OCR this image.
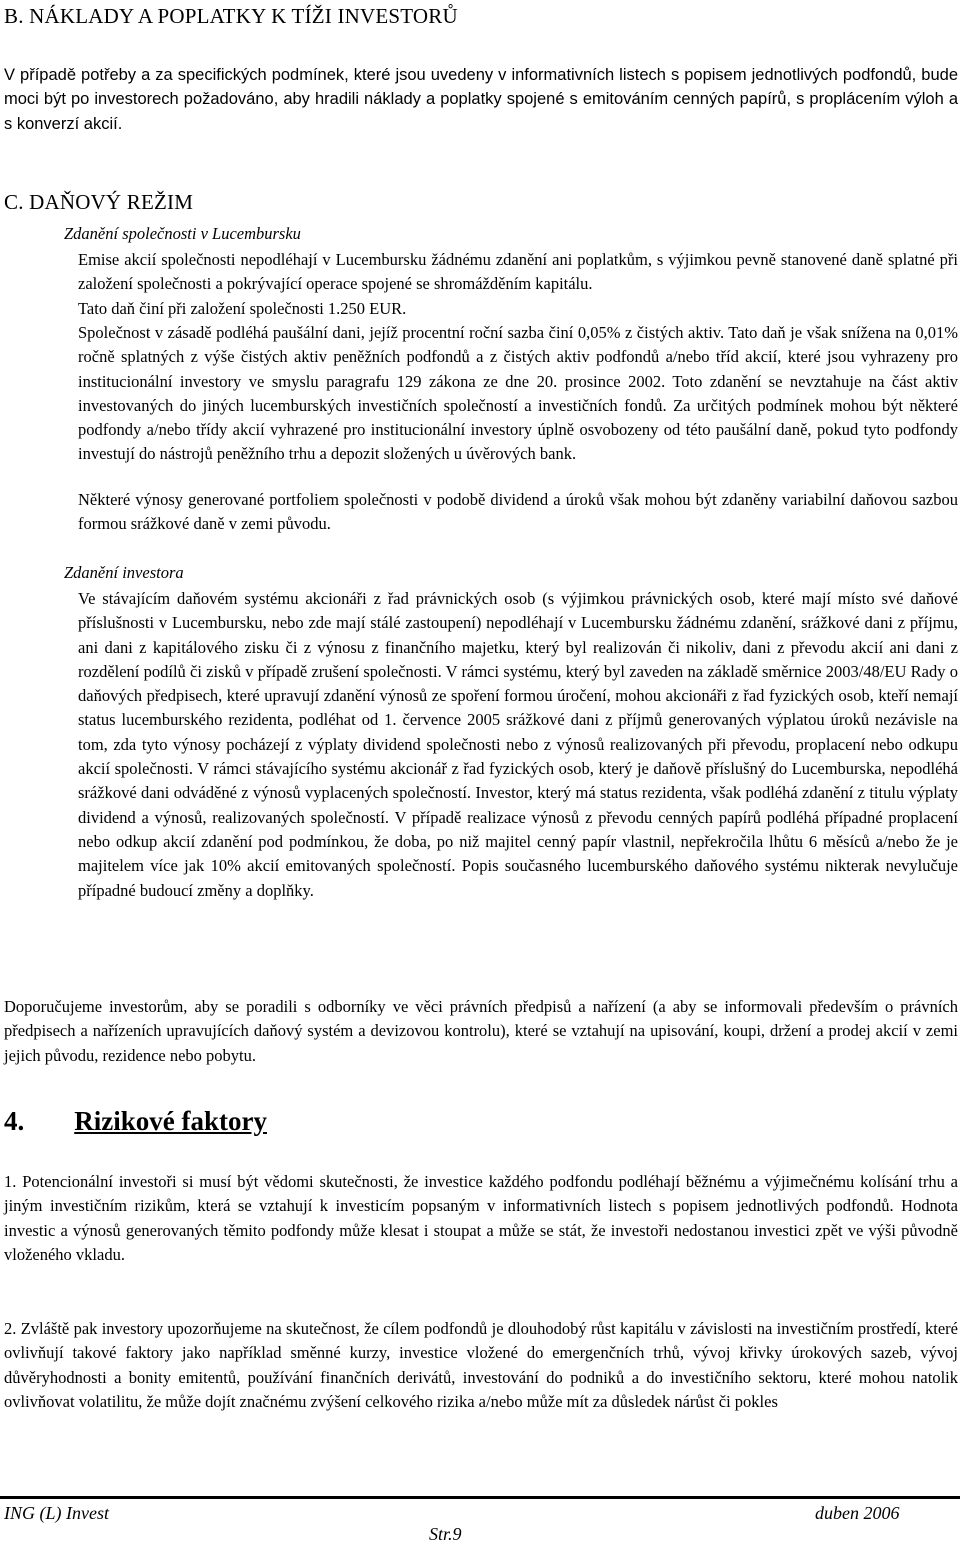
B. NÁKLADY A POPLATKY K TÍŽI INVESTORŮ

V případě potřeby a za specifických podmínek, které jsou uvedeny v informativních listech s popisem jednotlivých podfondů, bude moci být po investorech požadováno, aby hradili náklady a poplatky spojené s emitováním cenných papírů, s proplácením výloh a s konverzí akcií.

C. DAŇOVÝ REŽIM

Zdanění společnosti v Lucembursku

Emise akcií společnosti nepodléhají v Lucembursku žádnému zdanění ani poplatkům, s výjimkou pevně stanovené daně splatné při založení společnosti a pokrývající operace spojené se shromážděním kapitálu.

Tato daň činí při založení společnosti 1.250 EUR.

Společnost v zásadě podléhá paušální dani, jejíž procentní roční sazba činí 0,05% z čistých aktiv. Tato daň je však snížena na 0,01% ročně splatných z výše čistých aktiv peněžních podfondů a z čistých aktiv podfondů a/nebo tříd akcií, které jsou vyhrazeny pro institucionální investory ve smyslu paragrafu 129 zákona ze dne 20. prosince 2002. Toto zdanění se nevztahuje na část aktiv investovaných do jiných lucemburských investičních společností a investičních fondů. Za určitých podmínek mohou být některé podfondy a/nebo třídy akcií vyhrazené pro institucionální investory úplně osvobozeny od této paušální daně, pokud tyto podfondy investují do nástrojů peněžního trhu a depozit složených u úvěrových bank.

Některé výnosy generované portfoliem společnosti v podobě dividend a úroků však mohou být zdaněny variabilní daňovou sazbou formou srážkové daně v zemi původu.

Zdanění investora

Ve stávajícím daňovém systému akcionáři z řad právnických osob (s výjimkou právnických osob, které mají místo své daňové příslušnosti v Lucembursku, nebo zde mají stálé zastoupení) nepodléhají v Lucembursku žádnému zdanění, srážkové dani z příjmu, ani dani z kapitálového zisku či z výnosu z finančního majetku, který byl realizován či nikoliv, dani z převodu akcií ani dani z rozdělení podílů či zisků v případě zrušení společnosti. V rámci systému, který byl zaveden na základě směrnice 2003/48/EU Rady o daňových předpisech, které upravují zdanění výnosů ze spoření formou úročení, mohou akcionáři z řad fyzických osob, kteří nemají status lucemburského rezidenta, podléhat od 1. července 2005 srážkové dani z příjmů generovaných výplatou úroků nezávisle na tom, zda tyto výnosy pocházejí z výplaty dividend společnosti nebo z výnosů realizovaných při převodu, proplacení nebo odkupu akcií společnosti. V rámci stávajícího systému akcionář z řad fyzických osob, který je daňově příslušný do Lucemburska, nepodléhá srážkové dani odváděné z výnosů vyplacených společností. Investor, který má status rezidenta, však podléhá zdanění z titulu výplaty dividend a výnosů, realizovaných společností. V případě realizace výnosů z převodu cenných papírů podléhá případné proplacení nebo odkup akcií zdanění pod podmínkou, že doba, po niž majitel cenný papír vlastnil, nepřekročila lhůtu 6 měsíců a/nebo že je majitelem více jak 10% akcií emitovaných společností. Popis současného lucemburského daňového systému nikterak nevylučuje případné budoucí změny a doplňky.

Doporučujeme investorům, aby se poradili s odborníky ve věci právních předpisů a nařízení (a aby se informovali především o právních předpisech a nařízeních upravujících daňový systém a devizovou kontrolu), které se vztahují na upisování, koupi, držení a prodej akcií v zemi jejich původu, rezidence nebo pobytu.

4. Rizikové faktory

1. Potencionální investoři si musí být vědomi skutečnosti, že investice každého podfondu podléhají běžnému a výjimečnému kolísání trhu a jiným investičním rizikům, která se vztahují k investicím popsaným v informativních listech s popisem jednotlivých podfondů. Hodnota investic a výnosů generovaných těmito podfondy může klesat i stoupat a může se stát, že investoři nedostanou investici zpět ve výši původně vloženého vkladu.

2. Zvláště pak investory upozorňujeme na skutečnost, že cílem podfondů je dlouhodobý růst kapitálu v závislosti na investičním prostředí, které ovlivňují takové faktory jako například směnné kurzy, investice vložené do emergenčních trhů, vývoj křivky úrokových sazeb, vývoj důvěryhodnosti a bonity emitentů, používání finančních derivátů, investování do podniků a do investičního sektoru, které mohou natolik ovlivňovat volatilitu, že může dojít značnému zvýšení celkového rizika a/nebo může mít za důsledek nárůst či pokles

ING (L) Invest	duben 2006
Str.9
